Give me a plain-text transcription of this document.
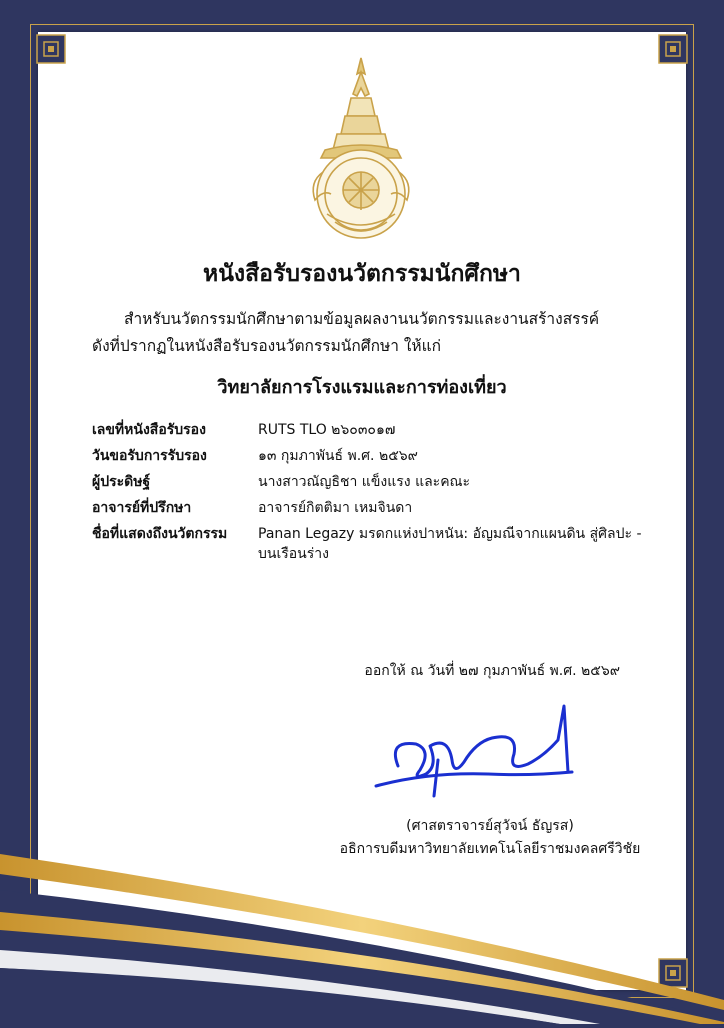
หนังสือรับรองนวัตกรรมนักศึกษา
สำหรับนวัตกรรมนักศึกษาตามข้อมูลผลงานนวัตกรรมและงานสร้างสรรค์
ดังที่ปรากฏในหนังสือรับรองนวัตกรรมนักศึกษา ให้แก่
วิทยาลัยการโรงแรมและการท่องเที่ยว
เลขที่หนังสือรับรอง	RUTS TLO ๒๖๐๓๐๑๗
วันขอรับการรับรอง	๑๓ กุมภาพันธ์ พ.ศ. ๒๕๖๙
ผู้ประดิษฐ์	นางสาวณัญธิชา แข็งแรง และคณะ
อาจารย์ที่ปรึกษา	อาจารย์กิตติมา เหมจินดา
ชื่อที่แสดงถึงนวัตกรรม	Panan Legazy มรดกแห่งปาหนัน: อัญมณีจากแผนดิน สู่ศิลปะ - บนเรือนร่าง
ออกให้ ณ วันที่ ๒๗ กุมภาพันธ์ พ.ศ. ๒๕๖๙
(ศาสตราจารย์สุวัจน์ ธัญรส)
อธิการบดีมหาวิทยาลัยเทคโนโลยีราชมงคลศรีวิชัย
